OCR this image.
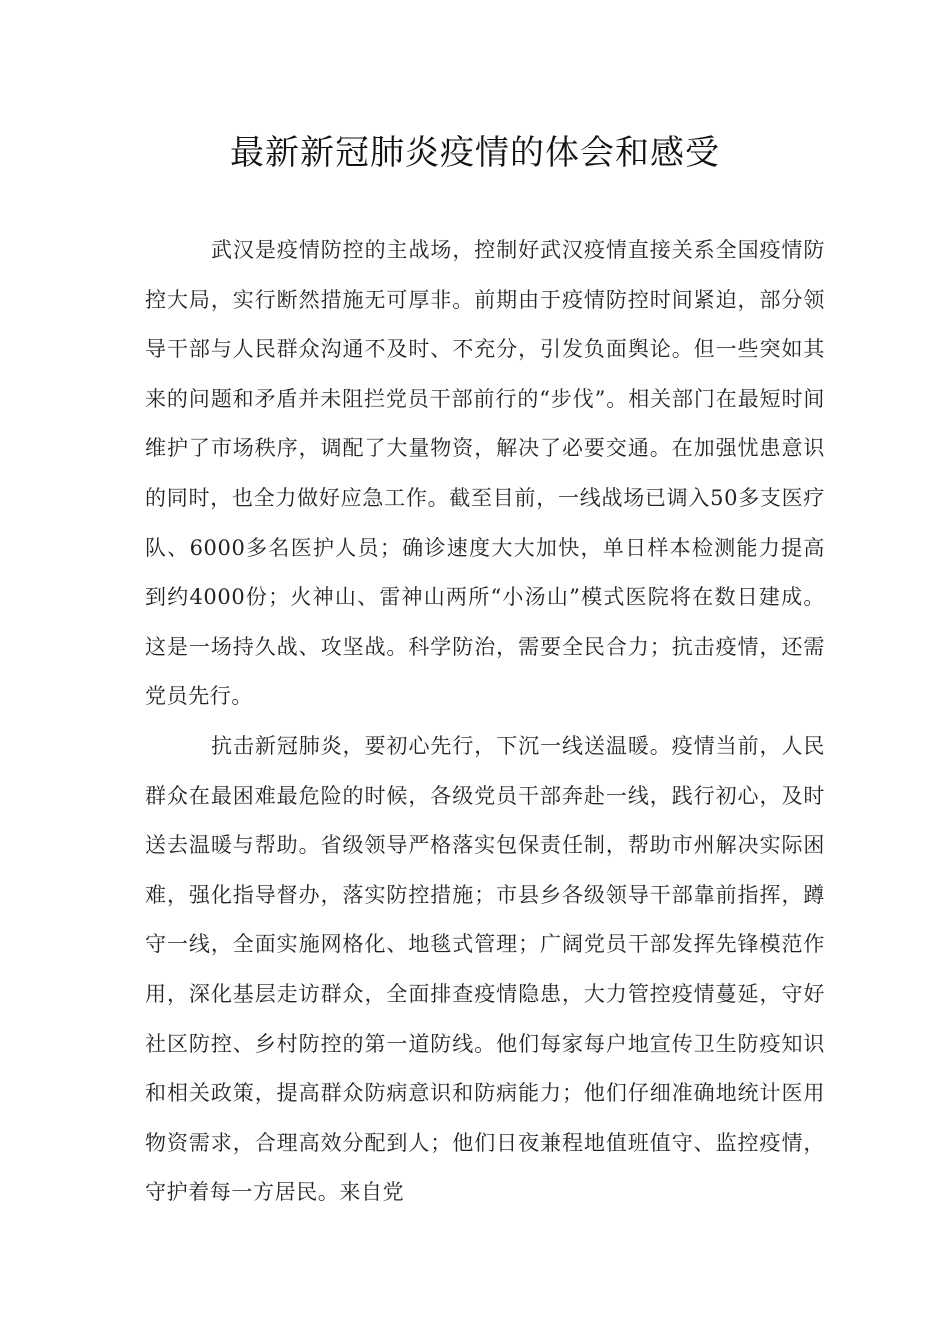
最新新冠肺炎疫情的体会和感受

武汉是疫情防控的主战场，控制好武汉疫情直接关系全国疫情防控大局，实行断然措施无可厚非。前期由于疫情防控时间紧迫，部分领导干部与人民群众沟通不及时、不充分，引发负面舆论。但一些突如其来的问题和矛盾并未阻拦党员干部前行的“步伐”。相关部门在最短时间维护了市场秩序，调配了大量物资，解决了必要交通。在加强忧患意识的同时，也全力做好应急工作。截至目前，一线战场已调入50多支医疗队、6000多名医护人员；确诊速度大大加快，单日样本检测能力提高到约4000份；火神山、雷神山两所“小汤山”模式医院将在数日建成。这是一场持久战、攻坚战。科学防治，需要全民合力；抗击疫情，还需党员先行。

抗击新冠肺炎，要初心先行，下沉一线送温暖。疫情当前，人民群众在最困难最危险的时候，各级党员干部奔赴一线，践行初心，及时送去温暖与帮助。省级领导严格落实包保责任制，帮助市州解决实际困难，强化指导督办，落实防控措施；市县乡各级领导干部靠前指挥，蹲守一线，全面实施网格化、地毯式管理；广阔党员干部发挥先锋模范作用，深化基层走访群众，全面排查疫情隐患，大力管控疫情蔓延，守好社区防控、乡村防控的第一道防线。他们每家每户地宣传卫生防疫知识和相关政策，提高群众防病意识和防病能力；他们仔细准确地统计医用物资需求，合理高效分配到人；他们日夜兼程地值班值守、监控疫情，守护着每一方居民。来自党
